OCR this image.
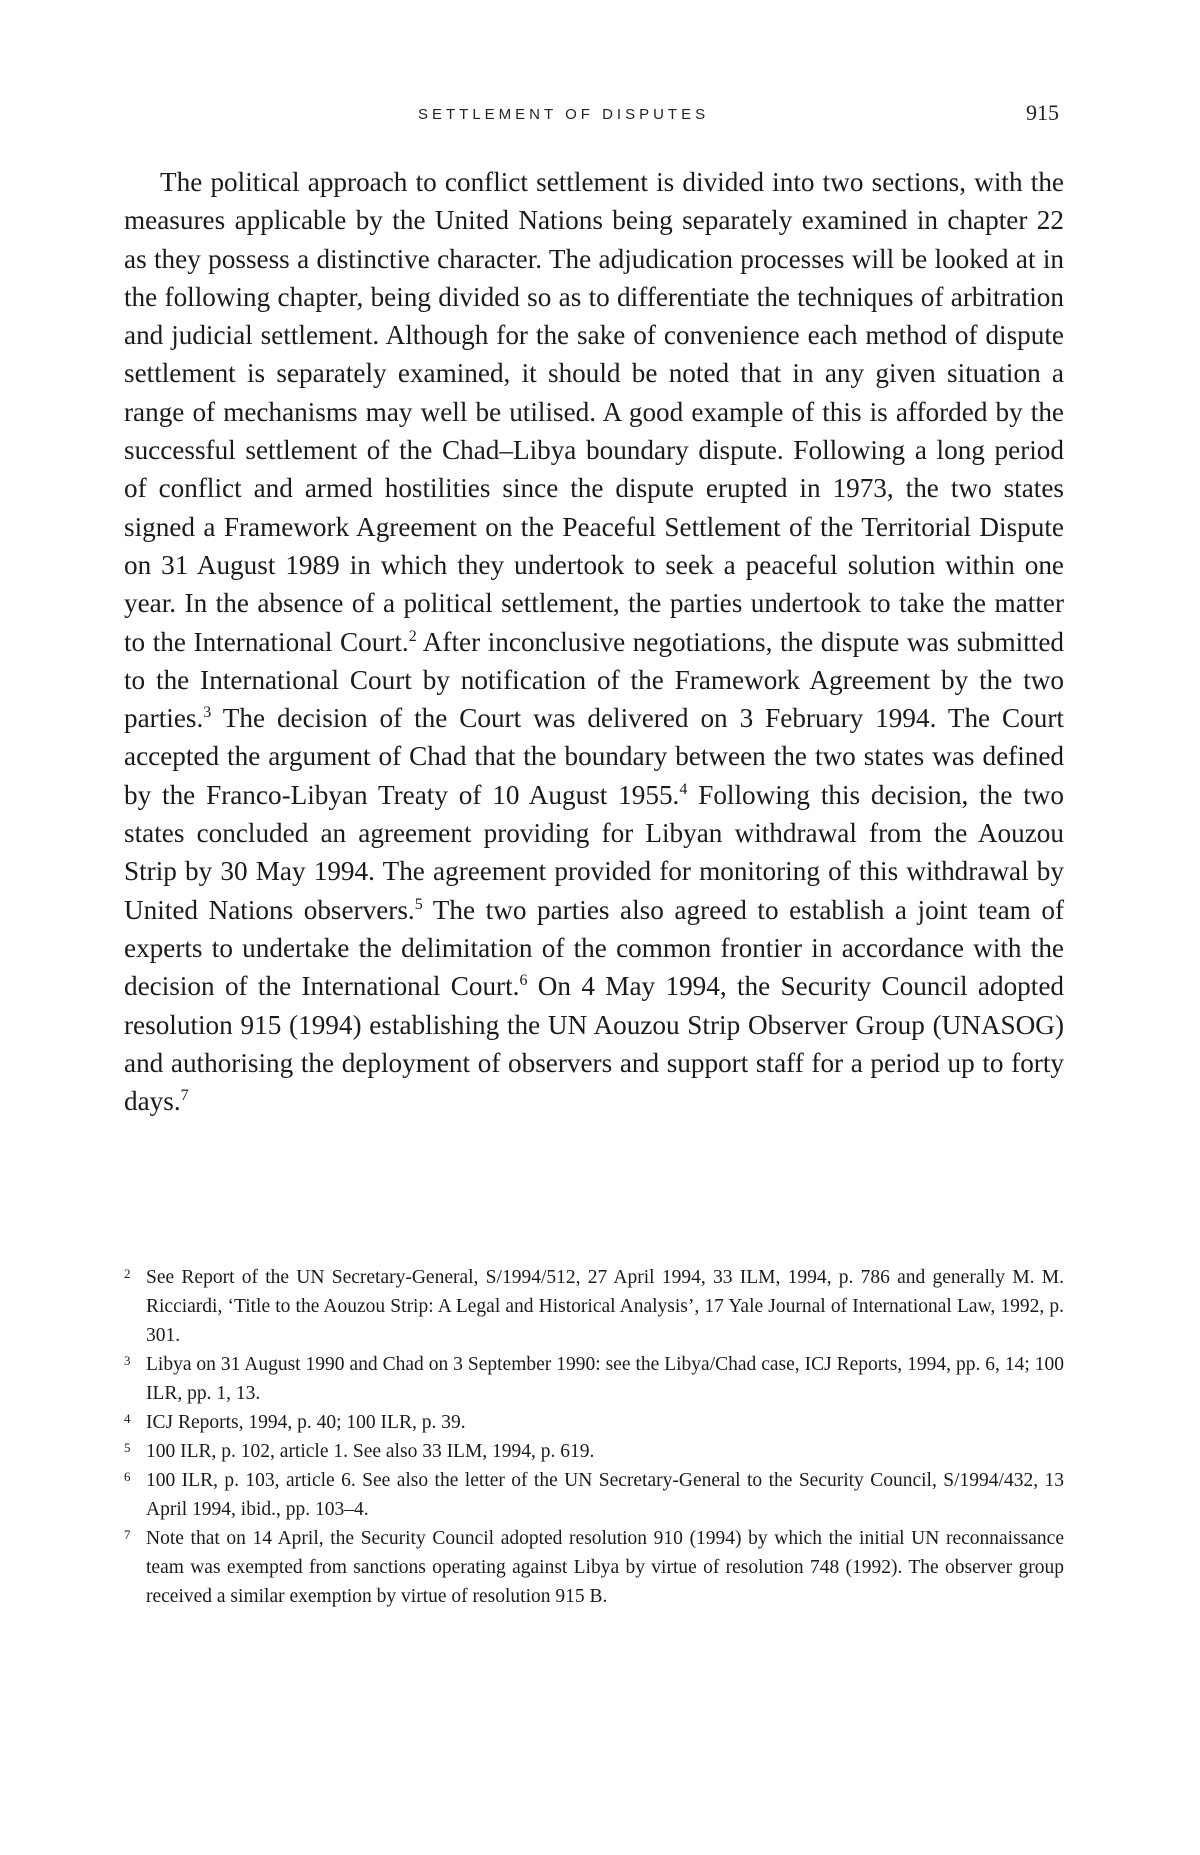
SETTLEMENT OF DISPUTES	915

The political approach to conflict settlement is divided into two sections, with the measures applicable by the United Nations being separately examined in chapter 22 as they possess a distinctive character. The adjudication processes will be looked at in the following chapter, being divided so as to differentiate the techniques of arbitration and judicial settlement. Although for the sake of convenience each method of dispute settlement is separately examined, it should be noted that in any given situation a range of mechanisms may well be utilised. A good example of this is afforded by the successful settlement of the Chad–Libya boundary dispute. Following a long period of conflict and armed hostilities since the dispute erupted in 1973, the two states signed a Framework Agreement on the Peaceful Settlement of the Territorial Dispute on 31 August 1989 in which they undertook to seek a peaceful solution within one year. In the absence of a political settlement, the parties undertook to take the matter to the International Court.$^2$ After inconclusive negotiations, the dispute was submitted to the International Court by notification of the Framework Agreement by the two parties.$^3$ The decision of the Court was delivered on 3 February 1994. The Court accepted the argument of Chad that the boundary between the two states was defined by the Franco-Libyan Treaty of 10 August 1955.$^4$ Following this decision, the two states concluded an agreement providing for Libyan withdrawal from the Aouzou Strip by 30 May 1994. The agreement provided for monitoring of this withdrawal by United Nations observers.$^5$ The two parties also agreed to establish a joint team of experts to undertake the delimitation of the common frontier in accordance with the decision of the International Court.$^6$ On 4 May 1994, the Security Council adopted resolution 915 (1994) establishing the UN Aouzou Strip Observer Group (UNASOG) and authorising the deployment of observers and support staff for a period up to forty days.$^7$

2 See Report of the UN Secretary-General, S/1994/512, 27 April 1994, 33 ILM, 1994, p. 786 and generally M. M. Ricciardi, ‘Title to the Aouzou Strip: A Legal and Historical Analysis’, 17 Yale Journal of International Law, 1992, p. 301.
3 Libya on 31 August 1990 and Chad on 3 September 1990: see the Libya/Chad case, ICJ Reports, 1994, pp. 6, 14; 100 ILR, pp. 1, 13.
4 ICJ Reports, 1994, p. 40; 100 ILR, p. 39.
5 100 ILR, p. 102, article 1. See also 33 ILM, 1994, p. 619.
6 100 ILR, p. 103, article 6. See also the letter of the UN Secretary-General to the Security Council, S/1994/432, 13 April 1994, ibid., pp. 103–4.
7 Note that on 14 April, the Security Council adopted resolution 910 (1994) by which the initial UN reconnaissance team was exempted from sanctions operating against Libya by virtue of resolution 748 (1992). The observer group received a similar exemption by virtue of resolution 915 B.
